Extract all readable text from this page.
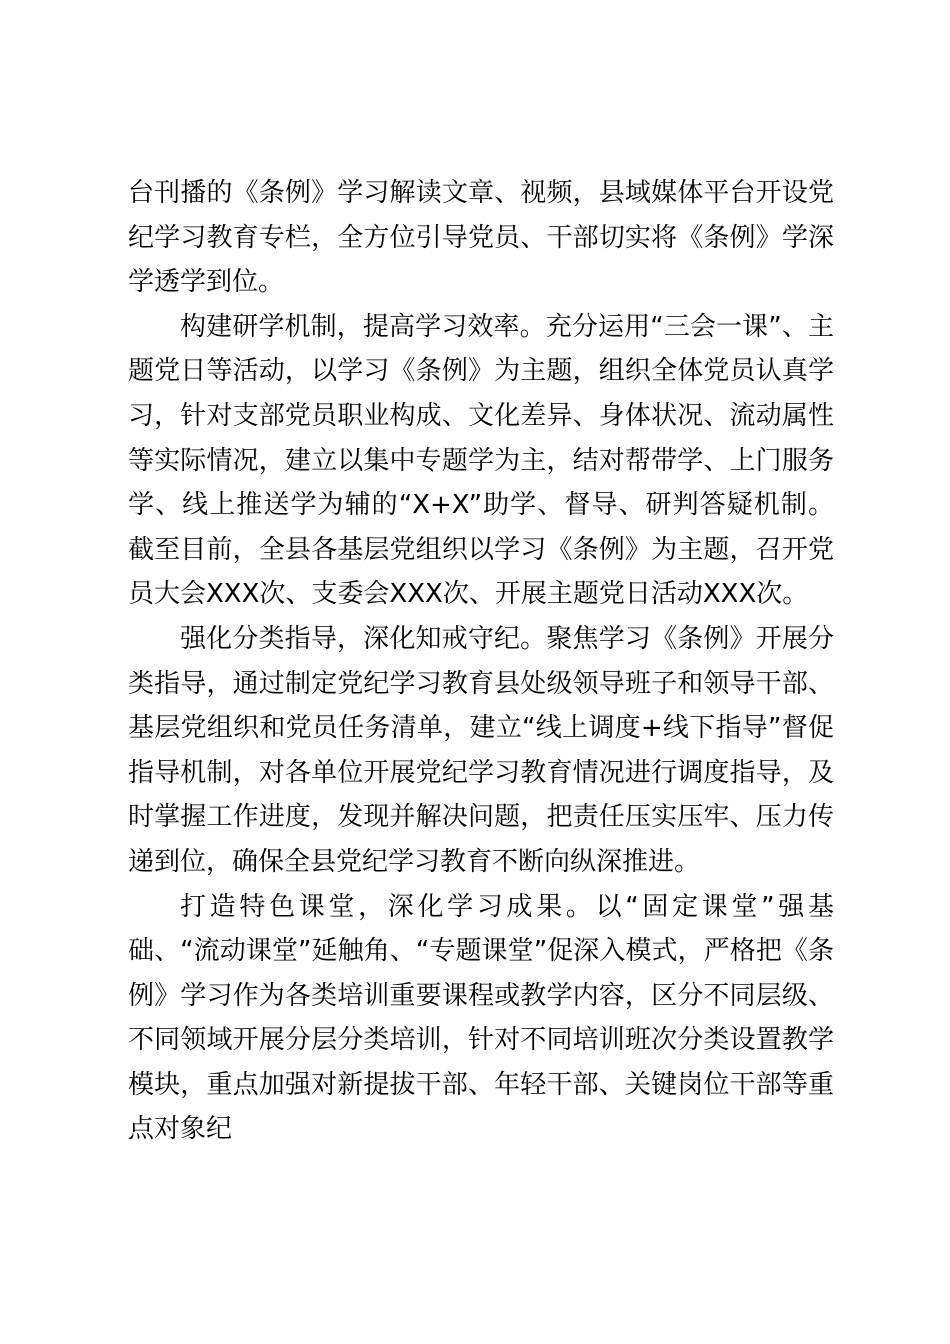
台刊播的《条例》学习解读文章、视频，县域媒体平台开设党纪学习教育专栏，全方位引导党员、干部切实将《条例》学深学透学到位。

构建研学机制，提高学习效率。充分运用“三会一课”、主题党日等活动，以学习《条例》为主题，组织全体党员认真学习，针对支部党员职业构成、文化差异、身体状况、流动属性等实际情况，建立以集中专题学为主，结对帮带学、上门服务学、线上推送学为辅的“X+X”助学、督导、研判答疑机制。截至目前，全县各基层党组织以学习《条例》为主题，召开党员大会XXX次、支委会XXX次、开展主题党日活动XXX次。

强化分类指导，深化知戒守纪。聚焦学习《条例》开展分类指导，通过制定党纪学习教育县处级领导班子和领导干部、基层党组织和党员任务清单，建立“线上调度+线下指导”督促指导机制，对各单位开展党纪学习教育情况进行调度指导，及时掌握工作进度，发现并解决问题，把责任压实压牢、压力传递到位，确保全县党纪学习教育不断向纵深推进。

打造特色课堂，深化学习成果。以“固定课堂”强基础、“流动课堂”延触角、“专题课堂”促深入模式，严格把《条例》学习作为各类培训重要课程或教学内容，区分不同层级、不同领域开展分层分类培训，针对不同培训班次分类设置教学模块，重点加强对新提拔干部、年轻干部、关键岗位干部等重点对象纪
